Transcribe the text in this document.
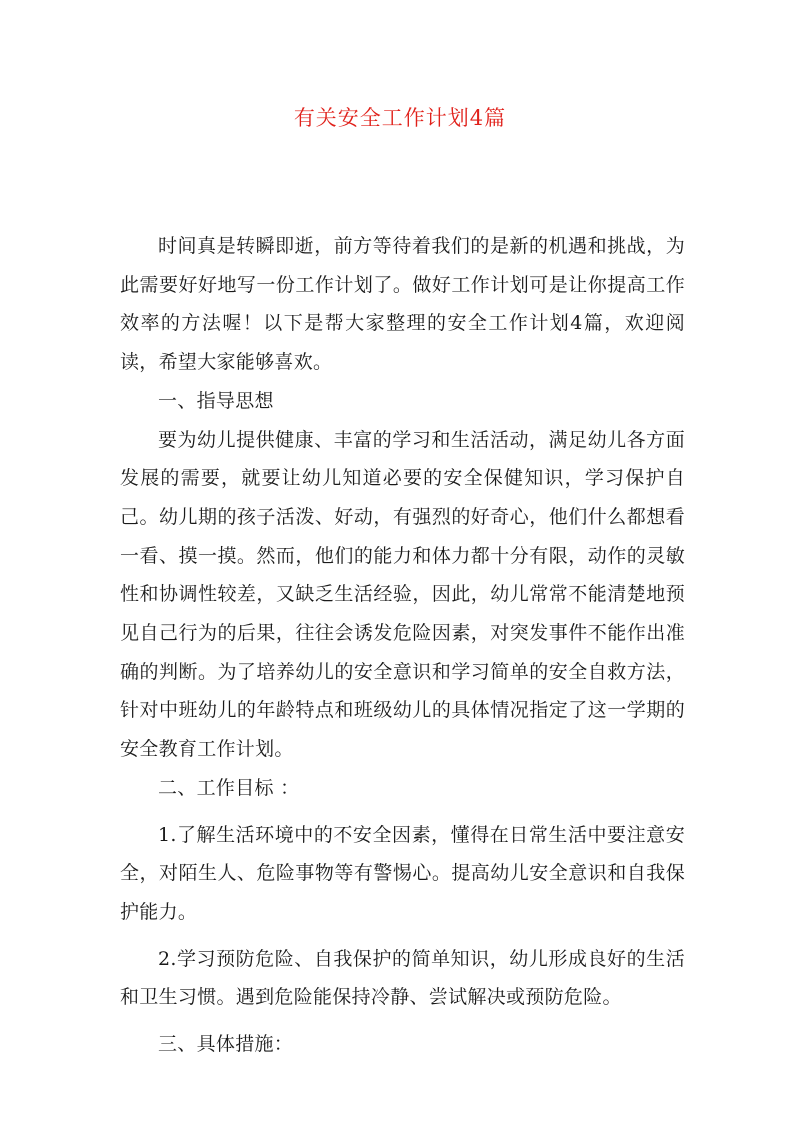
有关安全工作计划4篇

时间真是转瞬即逝，前方等待着我们的是新的机遇和挑战，为此需要好好地写一份工作计划了。做好工作计划可是让你提高工作效率的方法喔！以下是帮大家整理的安全工作计划4篇，欢迎阅读，希望大家能够喜欢。

一、指导思想

要为幼儿提供健康、丰富的学习和生活活动，满足幼儿各方面发展的需要，就要让幼儿知道必要的安全保健知识，学习保护自己。幼儿期的孩子活泼、好动，有强烈的好奇心，他们什么都想看一看、摸一摸。然而，他们的能力和体力都十分有限，动作的灵敏性和协调性较差，又缺乏生活经验，因此，幼儿常常不能清楚地预见自己行为的后果，往往会诱发危险因素，对突发事件不能作出准确的判断。为了培养幼儿的安全意识和学习简单的安全自救方法，针对中班幼儿的年龄特点和班级幼儿的具体情况指定了这一学期的安全教育工作计划。

二、工作目标 ：

1.了解生活环境中的不安全因素，懂得在日常生活中要注意安全，对陌生人、危险事物等有警惕心。提高幼儿安全意识和自我保护能力。

2.学习预防危险、自我保护的简单知识，幼儿形成良好的生活和卫生习惯。遇到危险能保持冷静、尝试解决或预防危险。

三、具体措施：
